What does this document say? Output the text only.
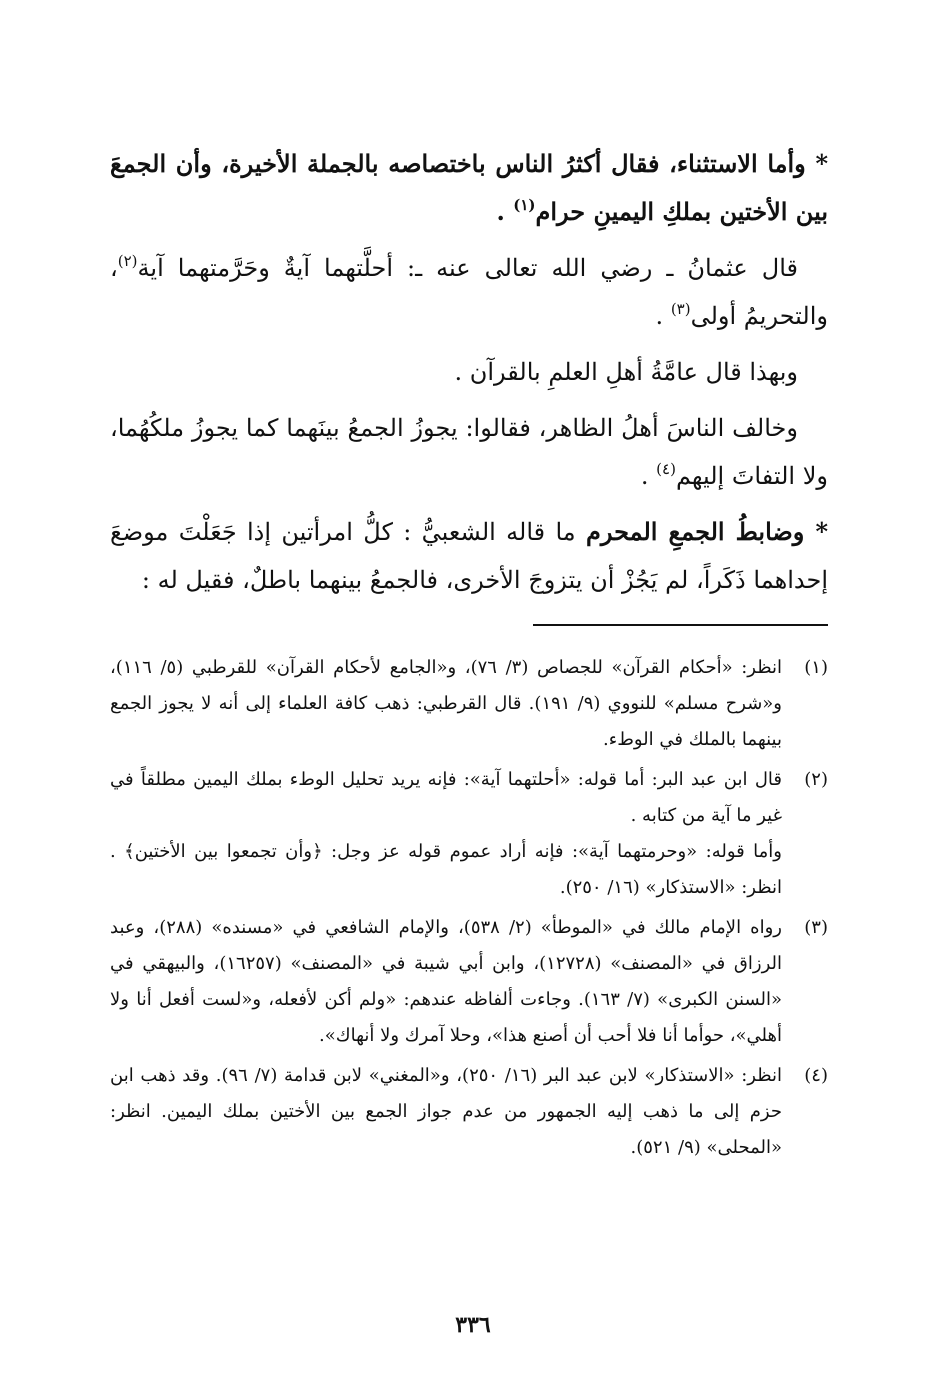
* وأما الاستثناء، فقال أكثرُ الناس باختصاصه بالجملة الأخيرة، وأن الجمعَ بين الأختين بملكِ اليمينِ حرام$^{(١)}$ .

قال عثمانُ ـ رضي الله تعالى عنه ـ: أحلَّتهما آيةٌ وحَرَّمتهما آية$^{(٢)}$، والتحريمُ أولى$^{(٣)}$ .

وبهذا قال عامَّةُ أهلِ العلمِ بالقرآن .

وخالف الناسَ أهلُ الظاهر، فقالوا: يجوزُ الجمعُ بينَهما كما يجوزُ ملكُهُما، ولا التفاتَ إليهم$^{(٤)}$ .

* وضابطُ الجمعِ المحرم ما قاله الشعبيُّ : كلُّ امرأتين إذا جَعَلْتَ موضعَ إحداهما ذَكَراً، لم يَجُزْ أن يتزوجَ الأخرى، فالجمعُ بينهما باطلٌ، فقيل له :

(١)

انظر: «أحكام القرآن» للجصاص (٣/ ٧٦)، و«الجامع لأحكام القرآن» للقرطبي (٥/ ١١٦)، و«شرح مسلم» للنووي (٩/ ١٩١). قال القرطبي: ذهب كافة العلماء إلى أنه لا يجوز الجمع بينهما بالملك في الوطء.

(٢)

قال ابن عبد البر: أما قوله: «أحلتهما آية»: فإنه يريد تحليل الوطء بملك اليمين مطلقاً في غير ما آية من كتابه .

وأما قوله: «وحرمتهما آية»: فإنه أراد عموم قوله عز وجل: ﴿وأن تجمعوا بين الأختين﴾ . انظر: «الاستذكار» (١٦/ ٢٥٠).

(٣)

رواه الإمام مالك في «الموطأ» (٢/ ٥٣٨)، والإمام الشافعي في «مسنده» (٢٨٨)، وعبد الرزاق في «المصنف» (١٢٧٢٨)، وابن أبي شيبة في «المصنف» (١٦٢٥٧)، والبيهقي في «السنن الكبرى» (٧/ ١٦٣). وجاءت ألفاظه عندهم: «ولم أكن لأفعله، و«لست أفعل أنا ولا أهلي»، حوأما أنا فلا أحب أن أصنع هذا»، وحلا آمرك ولا أنهاك».

(٤)

انظر: «الاستذكار» لابن عبد البر (١٦/ ٢٥٠)، و«المغني» لابن قدامة (٧/ ٩٦). وقد ذهب ابن حزم إلى ما ذهب إليه الجمهور من عدم جواز الجمع بين الأختين بملك اليمين. انظر: «المحلى» (٩/ ٥٢١).

٣٣٦
